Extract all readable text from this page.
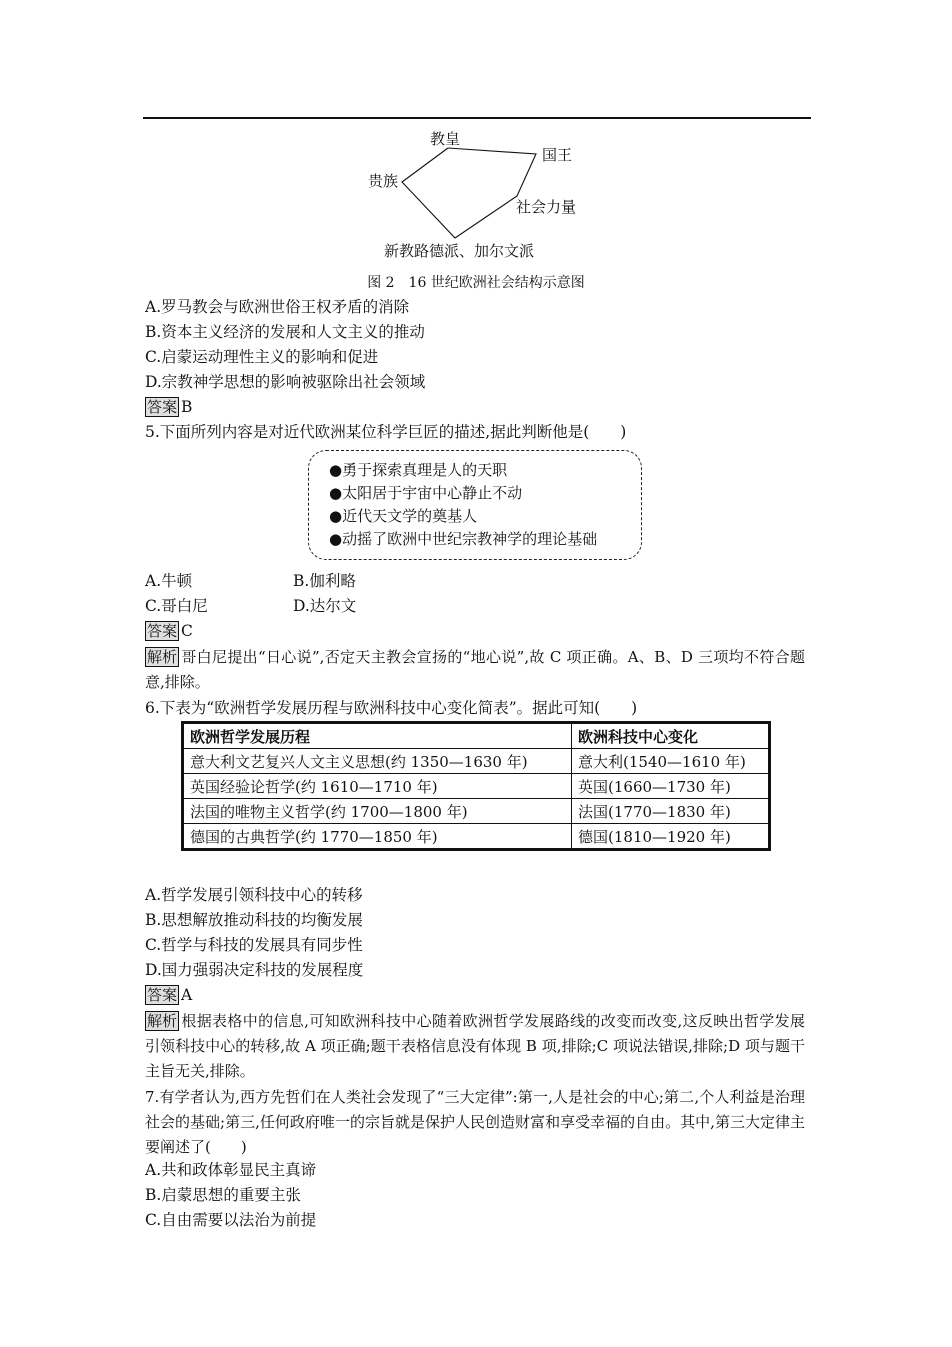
教皇
国王
贵族
社会力量
新教路德派、加尔文派
图 2　16 世纪欧洲社会结构示意图
A.罗马教会与欧洲世俗王权矛盾的消除
B.资本主义经济的发展和人文主义的推动
C.启蒙运动理性主义的影响和促进
D.宗教神学思想的影响被驱除出社会领域
答案 B
5.下面所列内容是对近代欧洲某位科学巨匠的描述,据此判断他是(　　)
●勇于探索真理是人的天职
●太阳居于宇宙中心静止不动
●近代天文学的奠基人
●动摇了欧洲中世纪宗教神学的理论基础
A.牛顿	B.伽利略
C.哥白尼	D.达尔文
答案 C
解析 哥白尼提出“日心说”,否定天主教会宣扬的“地心说”,故 C 项正确。A、B、D 三项均不符合题意,排除。
6.下表为“欧洲哲学发展历程与欧洲科技中心变化简表”。据此可知(　　)
欧洲哲学发展历程	欧洲科技中心变化
意大利文艺复兴人文主义思想(约 1350—1630 年)	意大利(1540—1610 年)
英国经验论哲学(约 1610—1710 年)	英国(1660—1730 年)
法国的唯物主义哲学(约 1700—1800 年)	法国(1770—1830 年)
德国的古典哲学(约 1770—1850 年)	德国(1810—1920 年)
A.哲学发展引领科技中心的转移
B.思想解放推动科技的均衡发展
C.哲学与科技的发展具有同步性
D.国力强弱决定科技的发展程度
答案 A
解析 根据表格中的信息,可知欧洲科技中心随着欧洲哲学发展路线的改变而改变,这反映出哲学发展引领科技中心的转移,故 A 项正确;题干表格信息没有体现 B 项,排除;C 项说法错误,排除;D 项与题干主旨无关,排除。
7.有学者认为,西方先哲们在人类社会发现了“三大定律”:第一,人是社会的中心;第二,个人利益是治理社会的基础;第三,任何政府唯一的宗旨就是保护人民创造财富和享受幸福的自由。其中,第三大定律主要阐述了(　　)
A.共和政体彰显民主真谛
B.启蒙思想的重要主张
C.自由需要以法治为前提
